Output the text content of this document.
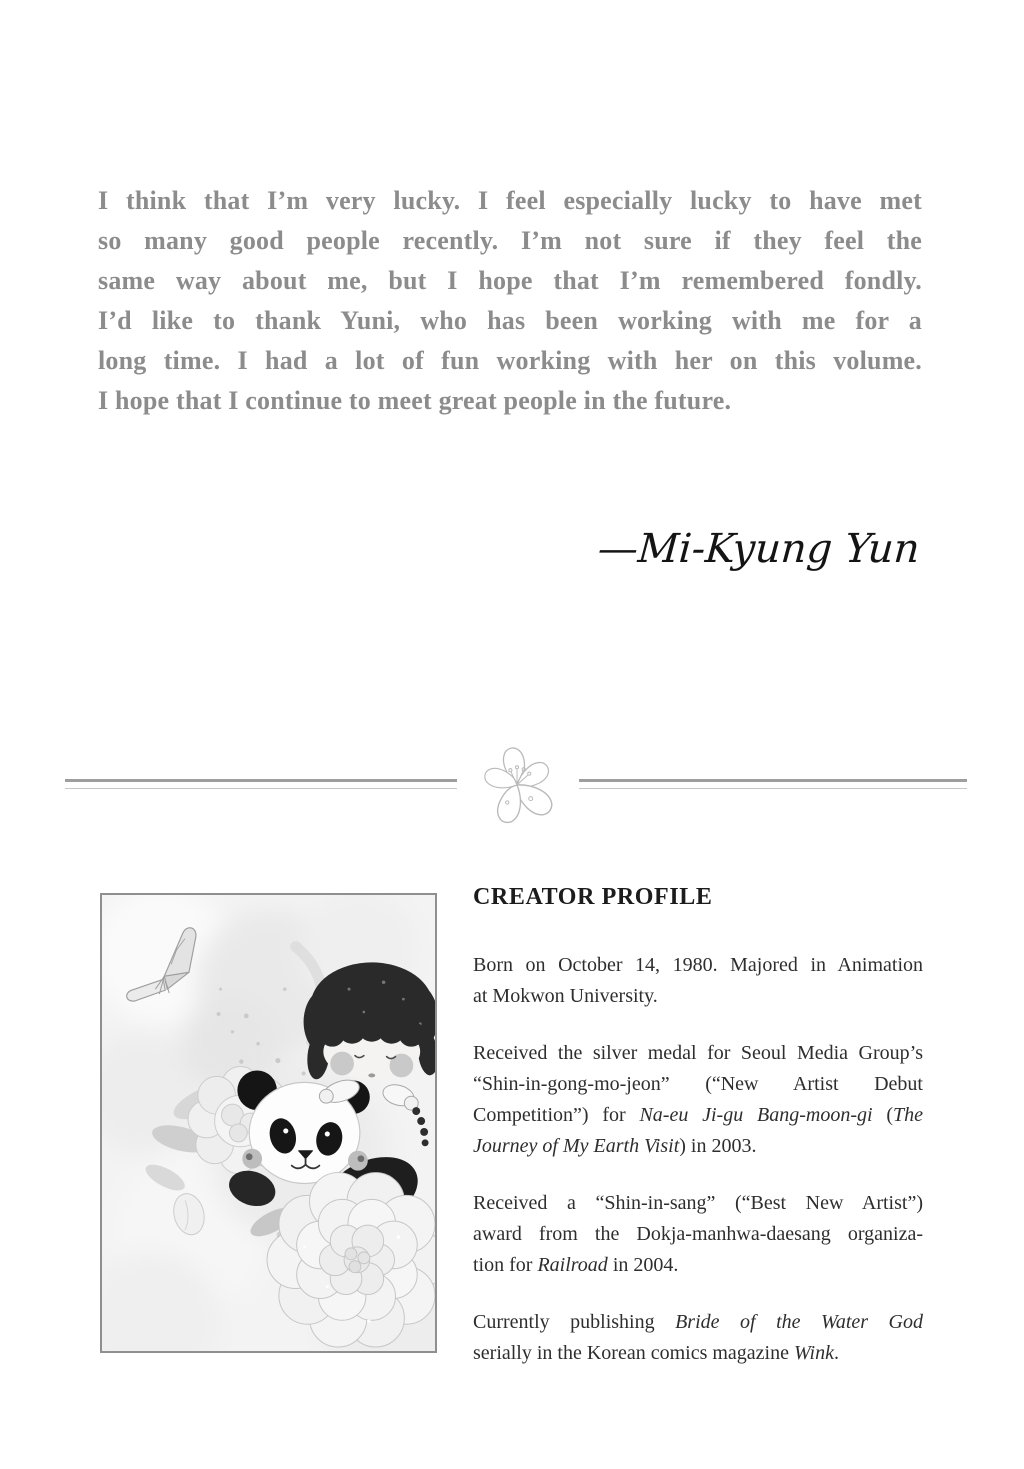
I think that I’m very lucky. I feel especially lucky to have met
so many good people recently. I’m not sure if they feel the
same way about me, but I hope that I’m remembered fondly.
I’d like to thank Yuni, who has been working with me for a
long time. I had a lot of fun working with her on this volume.
I hope that I continue to meet great people in the future.
—Mi-Kyung Yun
CREATOR PROFILE
Born on October 14, 1980. Majored in Animation
at Mokwon University.
Received the silver medal for Seoul Media Group’s
“Shin-in-gong-mo-jeon” (“New Artist Debut
Competition”) for Na-eu Ji-gu Bang-moon-gi (The
Journey of My Earth Visit) in 2003.
Received a “Shin-in-sang” (“Best New Artist”)
award from the Dokja-manhwa-daesang organiza-
tion for Railroad in 2004.
Currently publishing Bride of the Water God
serially in the Korean comics magazine Wink.
